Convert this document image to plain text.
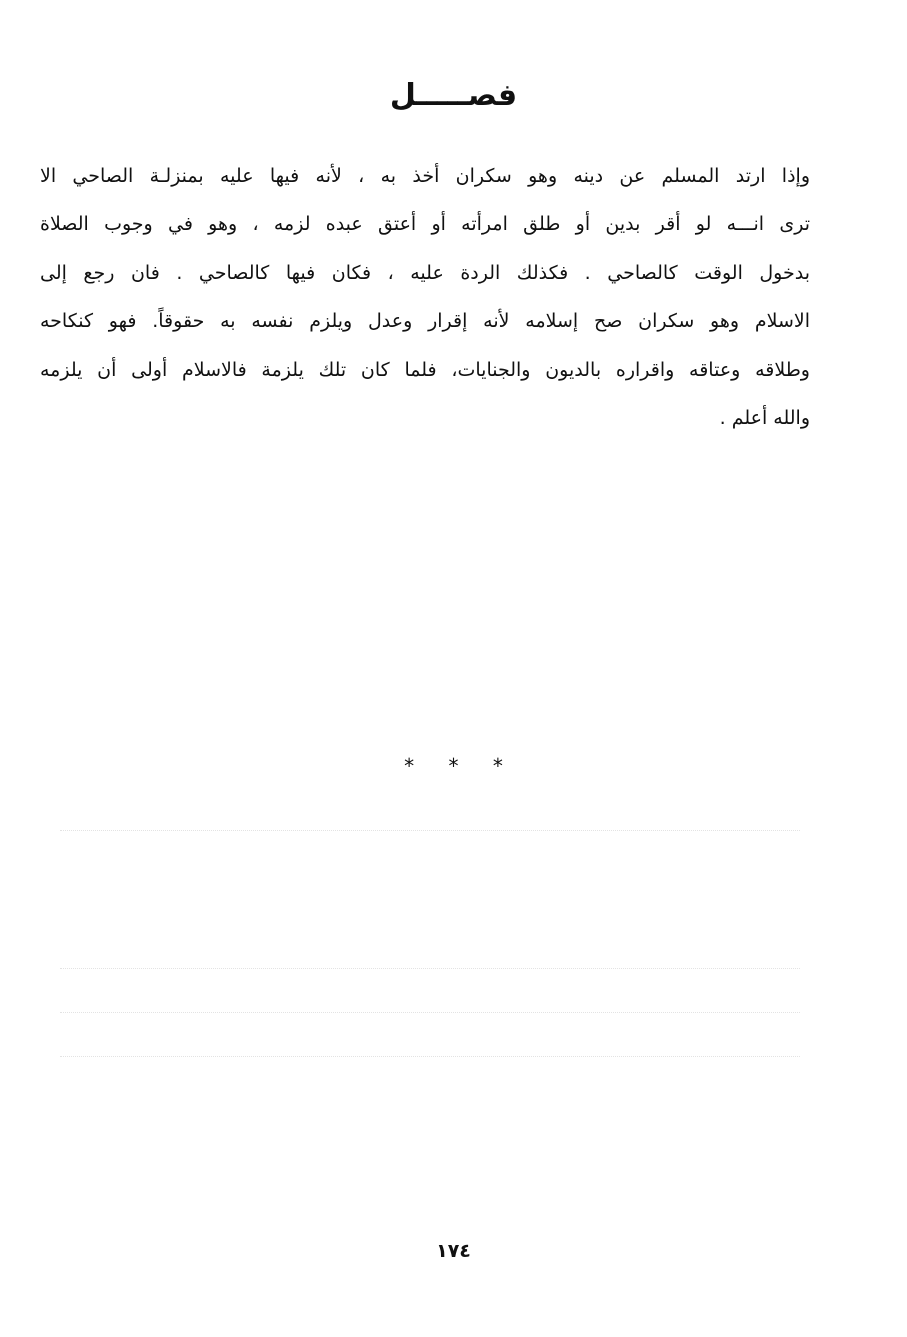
فصـــــل
وإذا ارتد المسلم عن دينه وهو سكران أخذ به ، لأنه فيها عليه بمنزلـة الصاحي الا
ترى انـــه لو أقر بدين أو طلق امرأته أو أعتق عبده لزمه ، وهو في وجوب الصلاة
بدخول الوقت كالصاحي . فكذلك الردة عليه ، فكان فيها كالصاحي . فان رجع إلى
الاسلام وهو سكران صح إسلامه لأنه إقرار وعدل ويلزم نفسه به حقوقاً. فهو كنكاحه
وطلاقه وعتاقه واقراره بالديون والجنايات، فلما كان تلك يلزمة فالاسلام أولى أن يلزمه
والله أعلم .
* * *
١٧٤
